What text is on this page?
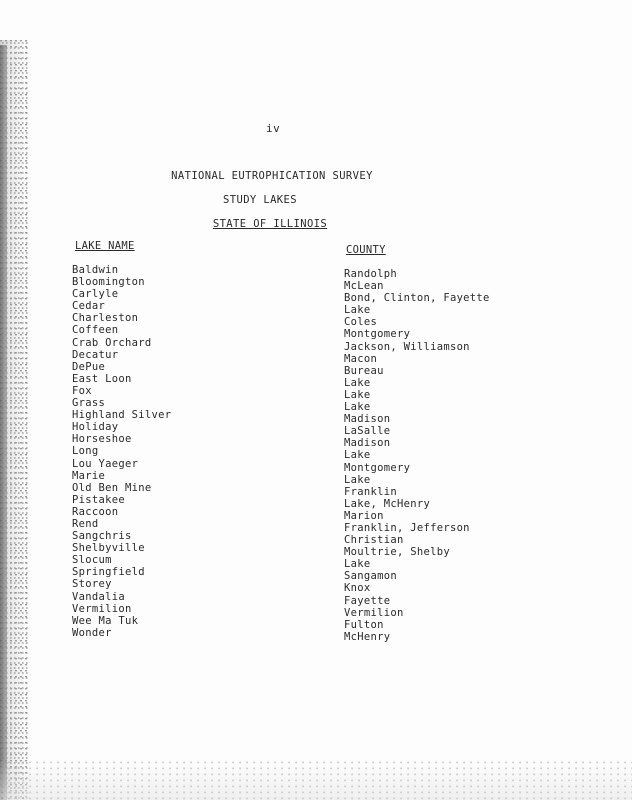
iv
NATIONAL EUTROPHICATION SURVEY
STUDY LAKES
STATE OF ILLINOIS
LAKE NAME	COUNTY
Baldwin
Bloomington
Carlyle
Cedar
Charleston
Coffeen
Crab Orchard
Decatur
DePue
East Loon
Fox
Grass
Highland Silver
Holiday
Horseshoe
Long
Lou Yaeger
Marie
Old Ben Mine
Pistakee
Raccoon
Rend
Sangchris
Shelbyville
Slocum
Springfield
Storey
Vandalia
Vermilion
Wee Ma Tuk
Wonder
Randolph
McLean
Bond, Clinton, Fayette
Lake
Coles
Montgomery
Jackson, Williamson
Macon
Bureau
Lake
Lake
Lake
Madison
LaSalle
Madison
Lake
Montgomery
Lake
Franklin
Lake, McHenry
Marion
Franklin, Jefferson
Christian
Moultrie, Shelby
Lake
Sangamon
Knox
Fayette
Vermilion
Fulton
McHenry
